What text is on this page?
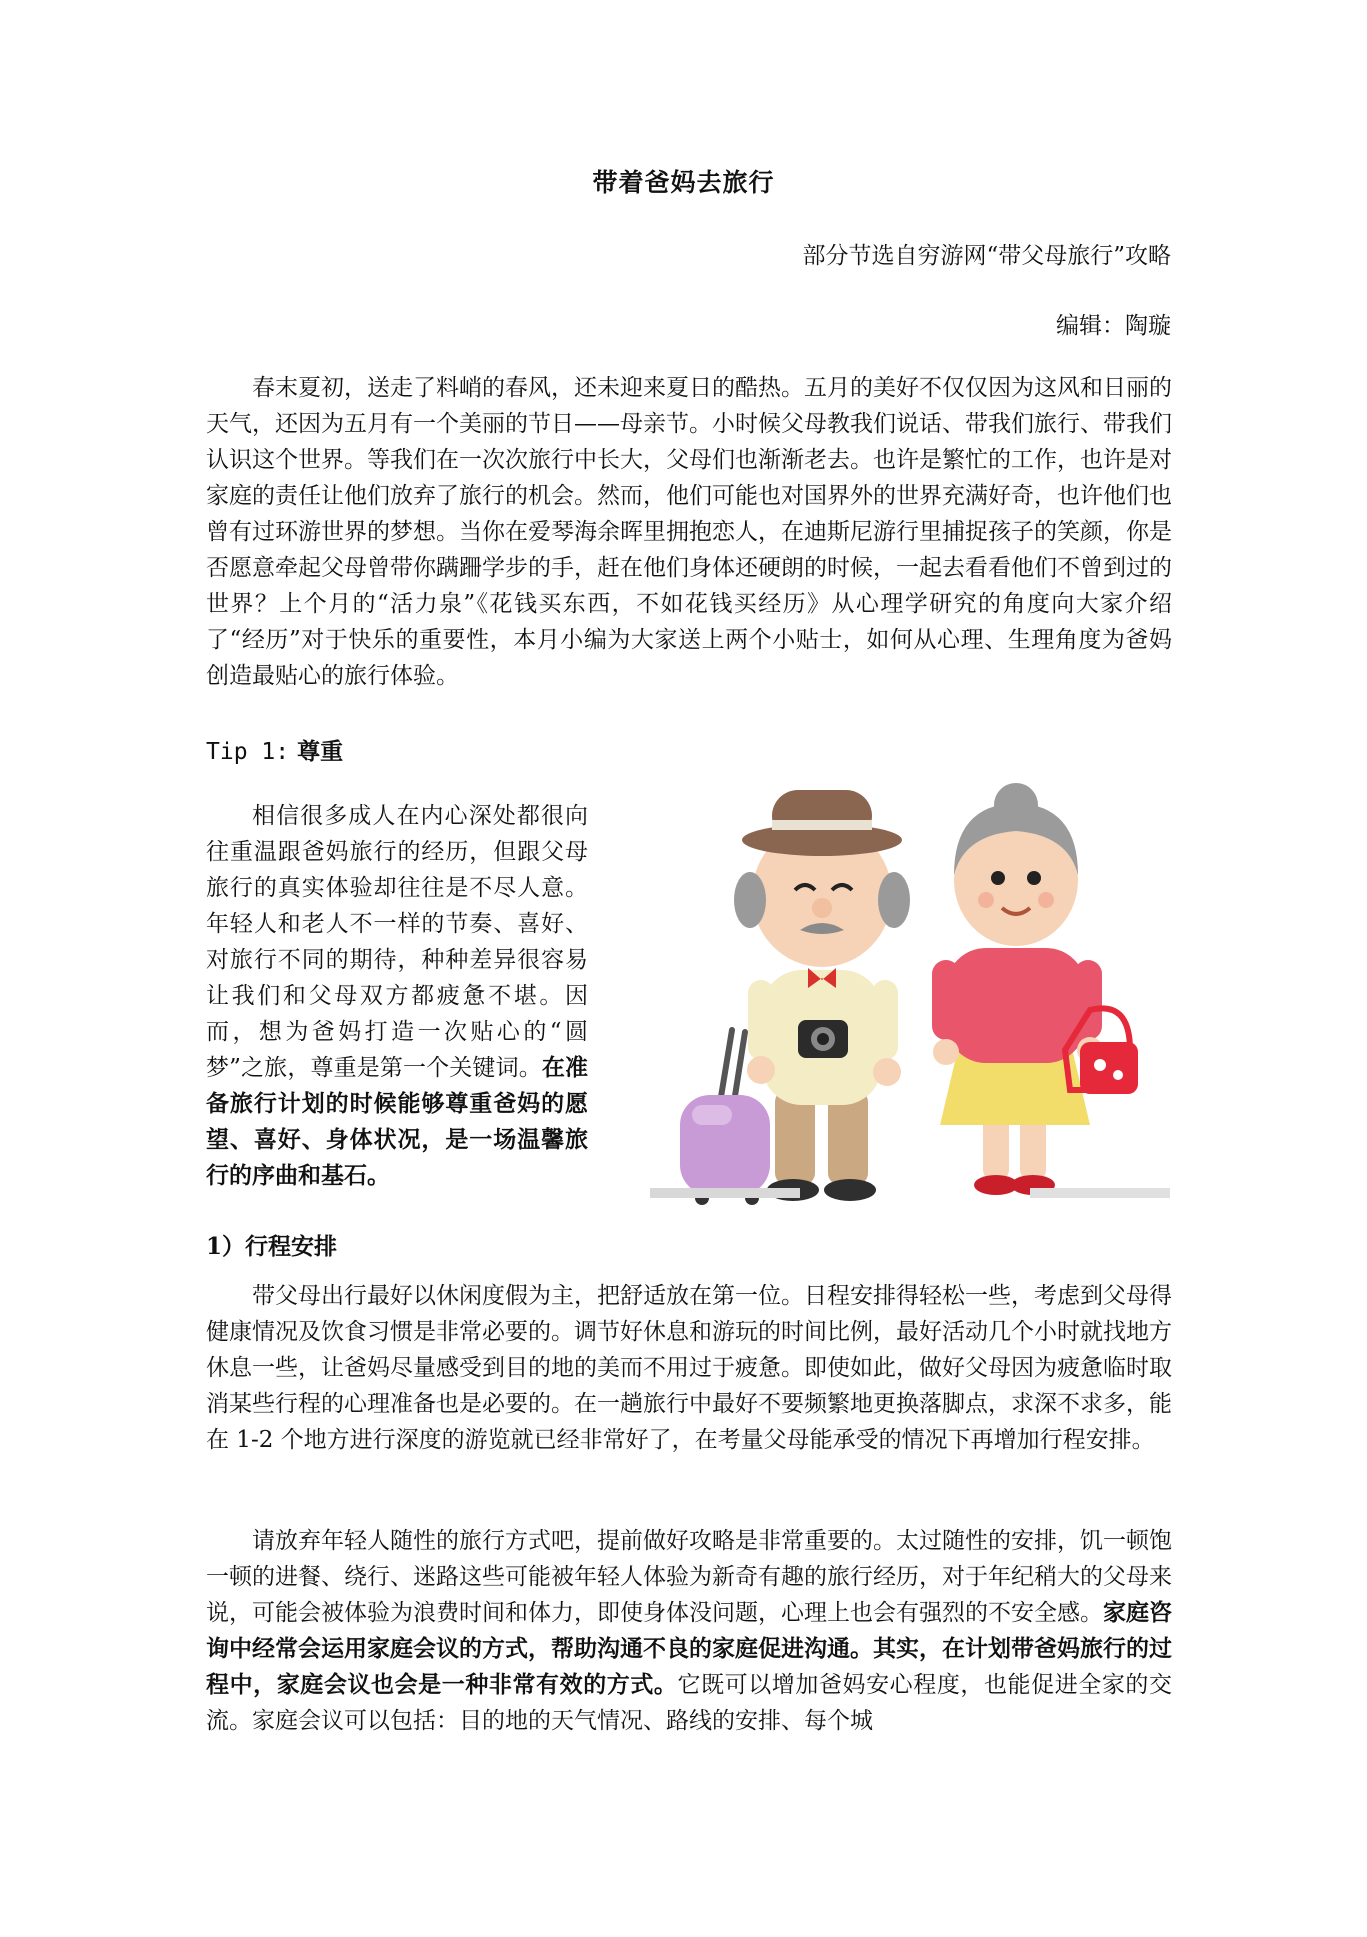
带着爸妈去旅行
部分节选自穷游网“带父母旅行”攻略
编辑：陶璇

春末夏初，送走了料峭的春风，还未迎来夏日的酷热。五月的美好不仅仅因为这风和日丽的天气，还因为五月有一个美丽的节日——母亲节。小时候父母教我们说话、带我们旅行、带我们认识这个世界。等我们在一次次旅行中长大，父母们也渐渐老去。也许是繁忙的工作，也许是对家庭的责任让他们放弃了旅行的机会。然而，他们可能也对国界外的世界充满好奇，也许他们也曾有过环游世界的梦想。当你在爱琴海余晖里拥抱恋人，在迪斯尼游行里捕捉孩子的笑颜，你是否愿意牵起父母曾带你蹒跚学步的手，赶在他们身体还硬朗的时候，一起去看看他们不曾到过的世界？上个月的“活力泉”《花钱买东西，不如花钱买经历》从心理学研究的角度向大家介绍了“经历”对于快乐的重要性，本月小编为大家送上两个小贴士，如何从心理、生理角度为爸妈创造最贴心的旅行体验。

Tip 1: 尊重

相信很多成人在内心深处都很向往重温跟爸妈旅行的经历，但跟父母旅行的真实体验却往往是不尽人意。年轻人和老人不一样的节奏、喜好、对旅行不同的期待，种种差异很容易让我们和父母双方都疲惫不堪。因而，想为爸妈打造一次贴心的“圆梦”之旅，尊重是第一个关键词。在准备旅行计划的时候能够尊重爸妈的愿望、喜好、身体状况，是一场温馨旅行的序曲和基石。

1）行程安排

带父母出行最好以休闲度假为主，把舒适放在第一位。日程安排得轻松一些，考虑到父母得健康情况及饮食习惯是非常必要的。调节好休息和游玩的时间比例，最好活动几个小时就找地方休息一些，让爸妈尽量感受到目的地的美而不用过于疲惫。即使如此，做好父母因为疲惫临时取消某些行程的心理准备也是必要的。在一趟旅行中最好不要频繁地更换落脚点，求深不求多，能在 1-2 个地方进行深度的游览就已经非常好了，在考量父母能承受的情况下再增加行程安排。

请放弃年轻人随性的旅行方式吧，提前做好攻略是非常重要的。太过随性的安排，饥一顿饱一顿的进餐、绕行、迷路这些可能被年轻人体验为新奇有趣的旅行经历，对于年纪稍大的父母来说，可能会被体验为浪费时间和体力，即使身体没问题，心理上也会有强烈的不安全感。家庭咨询中经常会运用家庭会议的方式，帮助沟通不良的家庭促进沟通。其实，在计划带爸妈旅行的过程中，家庭会议也会是一种非常有效的方式。它既可以增加爸妈安心程度，也能促进全家的交流。家庭会议可以包括：目的地的天气情况、路线的安排、每个城
